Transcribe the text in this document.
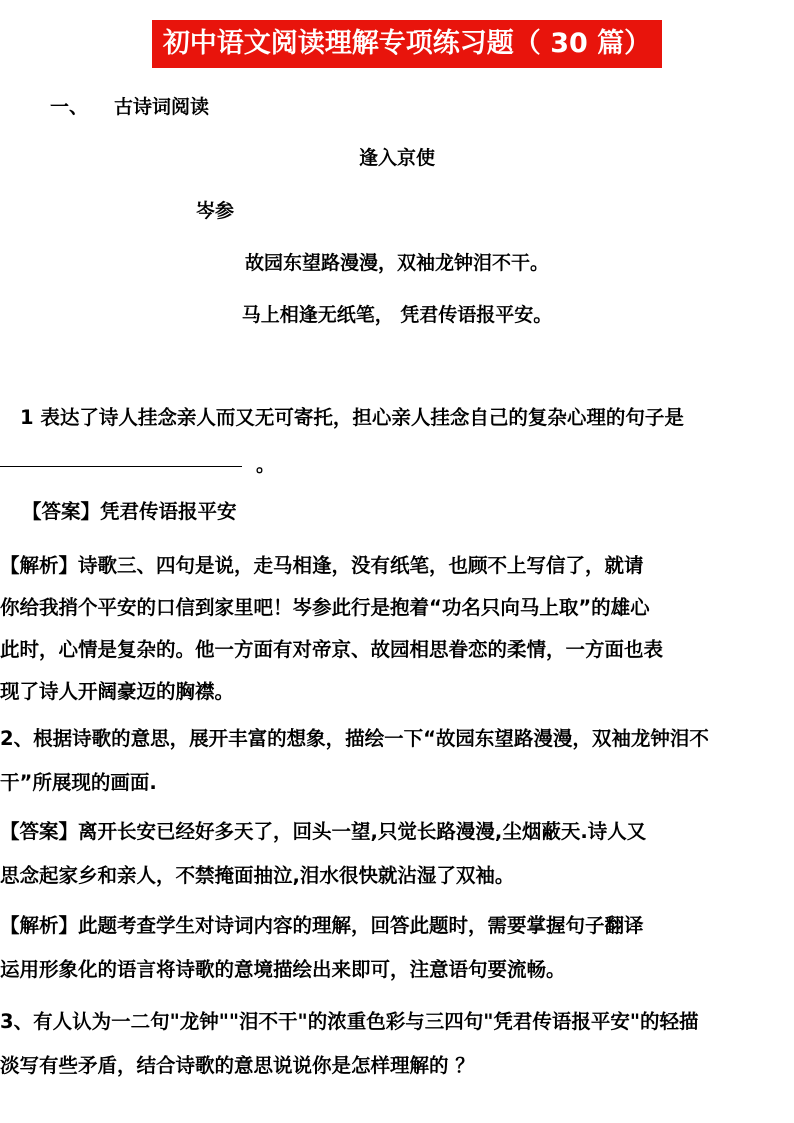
初中语文阅读理解专项练习题（ 30 篇）
一、 古诗词阅读
逢入京使
岑参
故园东望路漫漫，双袖龙钟泪不干。
马上相逢无纸笔， 凭君传语报平安。
1 表达了诗人挂念亲人而又无可寄托，担心亲人挂念自己的复杂心理的句子是
。
【答案】凭君传语报平安
【解析】诗歌三、四句是说，走马相逢，没有纸笔，也顾不上写信了，就请
你给我捎个平安的口信到家里吧！岑参此行是抱着“功名只向马上取”的雄心
此时，心情是复杂的。他一方面有对帝京、故园相思眷恋的柔情，一方面也表
现了诗人开阔豪迈的胸襟。
2、根据诗歌的意思，展开丰富的想象，描绘一下“故园东望路漫漫，双袖龙钟泪不
干”所展现的画面.
【答案】离开长安已经好多天了，回头一望,只觉长路漫漫,尘烟蔽天.诗人又
思念起家乡和亲人，不禁掩面抽泣,泪水很快就沾湿了双袖。
【解析】此题考查学生对诗词内容的理解，回答此题时，需要掌握句子翻译
运用形象化的语言将诗歌的意境描绘出来即可，注意语句要流畅。
3、有人认为一二句"龙钟""泪不干"的浓重色彩与三四句"凭君传语报平安"的轻描
淡写有些矛盾，结合诗歌的意思说说你是怎样理解的 ？
